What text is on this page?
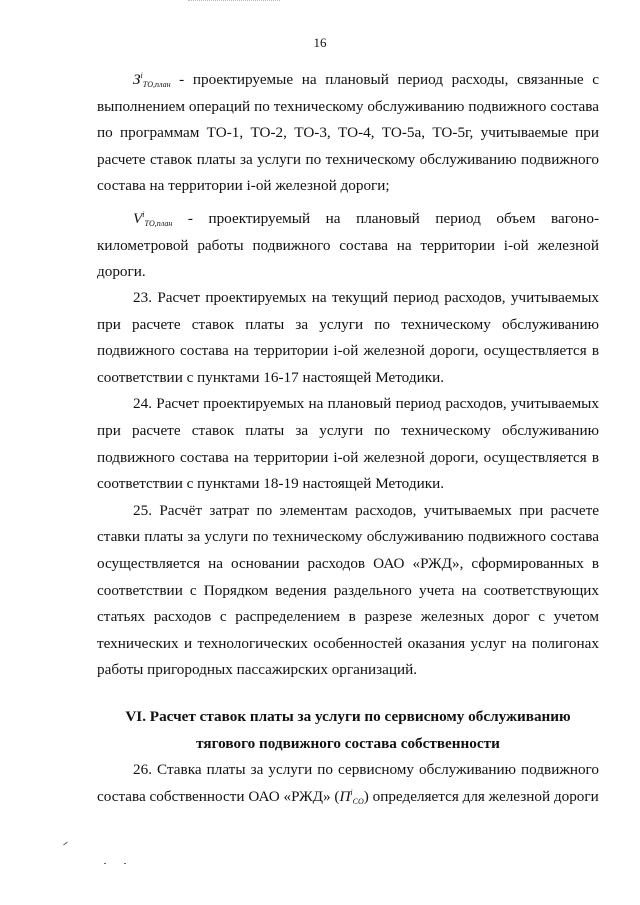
16

$З^i_{ТО,план}$ - проектируемые на плановый период расходы, связанные с выполнением операций по техническому обслуживанию подвижного состава по программам ТО-1, ТО-2, ТО-3, ТО-4, ТО-5а, ТО-5г, учитываемые при расчете ставок платы за услуги по техническому обслуживанию подвижного состава на территории i-ой железной дороги;

$V^i_{ТО,план}$ - проектируемый на плановый период объем вагоно-километровой работы подвижного состава на территории i-ой железной дороги.

23. Расчет проектируемых на текущий период расходов, учитываемых при расчете ставок платы за услуги по техническому обслуживанию подвижного состава на территории i-ой железной дороги, осуществляется в соответствии с пунктами 16-17 настоящей Методики.

24. Расчет проектируемых на плановый период расходов, учитываемых при расчете ставок платы за услуги по техническому обслуживанию подвижного состава на территории i-ой железной дороги, осуществляется в соответствии с пунктами 18-19 настоящей Методики.

25. Расчёт затрат по элементам расходов, учитываемых при расчете ставки платы за услуги по техническому обслуживанию подвижного состава осуществляется на основании расходов ОАО «РЖД», сформированных в соответствии с Порядком ведения раздельного учета на соответствующих статьях расходов с распределением в разрезе железных дорог с учетом технических и технологических особенностей оказания услуг на полигонах работы пригородных пассажирских организаций.

VI. Расчет ставок платы за услуги по сервисному обслуживанию
тягового подвижного состава собственности

26. Ставка платы за услуги по сервисному обслуживанию подвижного состава собственности ОАО «РЖД» $(П^i_{СО})$ определяется для железной дороги
